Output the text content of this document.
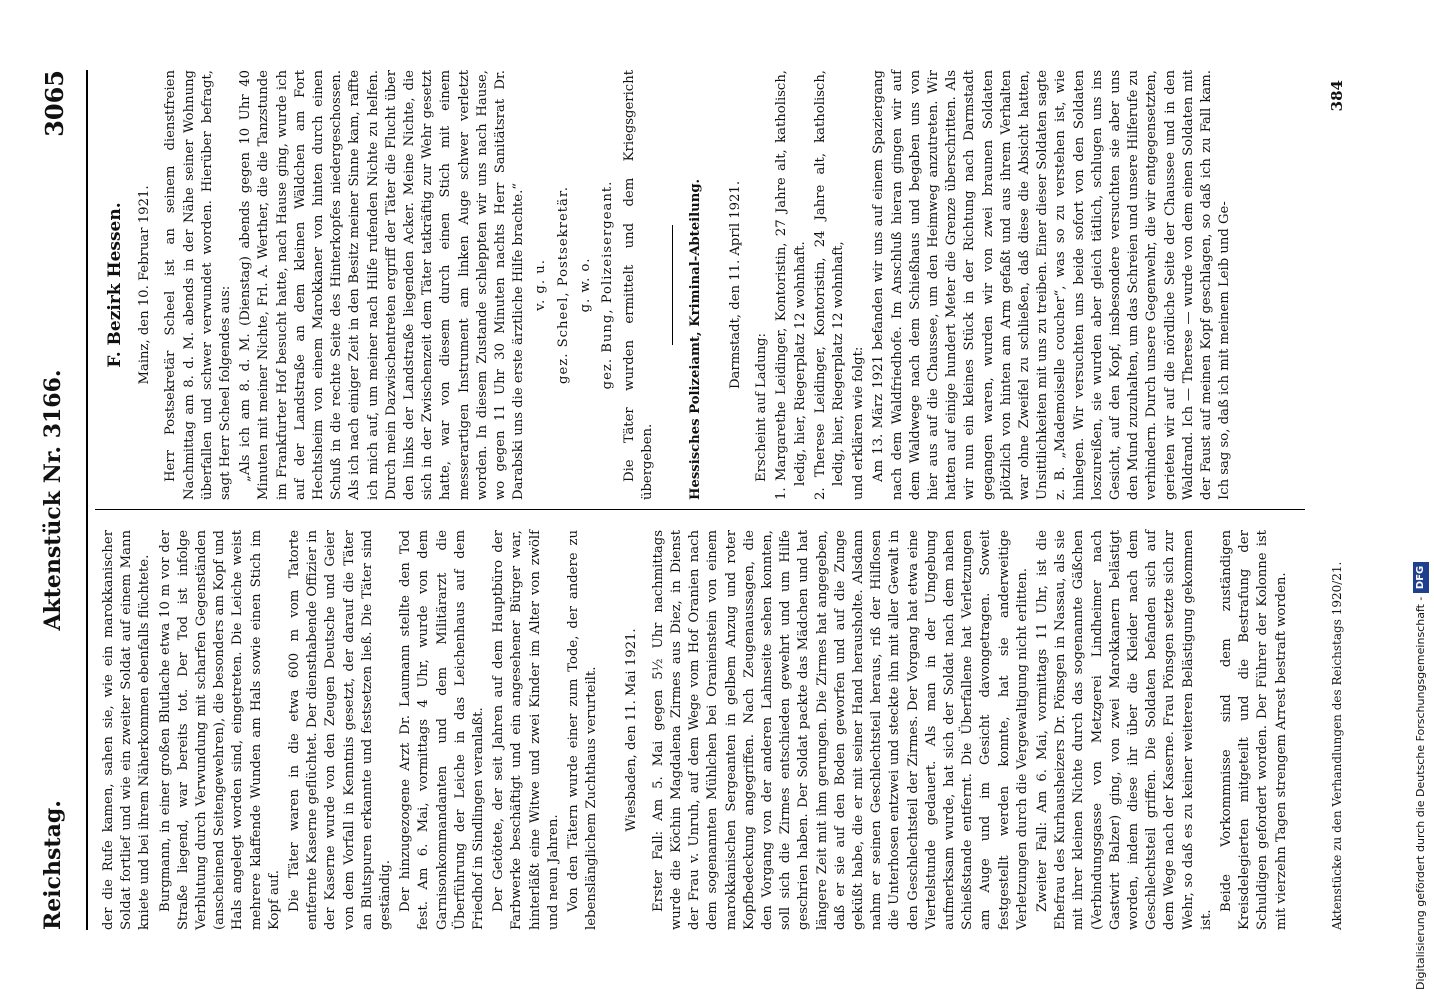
Reichstag.
Aktenstück Nr. 3166.
3065

der die Rufe kamen, sahen sie, wie ein marokkanischer Soldat fortlief und wie ein zweiter Soldat auf einem Mann kniete und bei ihrem Näherkommen ebenfalls flüchtete. Burgmann, in einer großen Blutlache etwa 10 m vor der Straße liegend, war bereits tot. Der Tod ist infolge Verblutung durch Verwundung mit scharfen Gegenständen (anscheinend Seitengewehren), die besonders am Kopf und Hals angelegt worden sind, eingetreten. Die Leiche weist mehrere klaffende Wunden am Hals sowie einen Stich im Kopf auf. Die Täter waren in die etwa 600 m vom Tatorte entfernte Kaserne geflüchtet. Der diensthabende Offizier in der Kaserne wurde von den Zeugen Deutsche und Geier von dem Vorfall in Kenntnis gesetzt, der darauf die Täter an Blutspuren erkannte und festsetzen ließ. Die Täter sind geständig. Der hinzugezogene Arzt Dr. Laumann stellte den Tod fest. Am 6. Mai, vormittags 4 Uhr, wurde von dem Garnisonkommandanten und dem Militärarzt die Überführung der Leiche in das Leichenhaus auf dem Friedhof in Sindlingen veranlaßt. Der Getötete, der seit Jahren auf dem Hauptbüro der Farbwerke beschäftigt und ein angesehener Bürger war, hinterläßt eine Witwe und zwei Kinder im Alter von zwölf und neun Jahren. Von den Tätern wurde einer zum Tode, der andere zu lebenslänglichem Zuchthaus verurteilt. Wiesbaden, den 11. Mai 1921. Erster Fall: Am 5. Mai gegen 5½ Uhr nachmittags wurde die Köchin Magdalena Zirmes aus Diez, in Dienst der Frau v. Unruh, auf dem Wege vom Hof Oranien nach dem sogenannten Mühlchen bei Oranienstein von einem marokkanischen Sergeanten in gelbem Anzug und roter Kopfbedeckung angegriffen. Nach Zeugenaussagen, die den Vorgang von der anderen Lahnseite sehen konnten, soll sich die Zirmes entschieden gewehrt und um Hilfe geschrien haben. Der Soldat packte das Mädchen und hat längere Zeit mit ihm gerungen. Die Zirmes hat angegeben, daß er sie auf den Boden geworfen und auf die Zunge geküßt habe, die er mit seiner Hand herausholte. Alsdann nahm er seinen Geschlechtsteil heraus, riß der Hilflosen die Unterhosen entzwei und steckte ihn mit aller Gewalt in den Geschlechtsteil der Zirmes. Der Vorgang hat etwa eine Viertelstunde gedauert. Als man in der Umgebung aufmerksam wurde, hat sich der Soldat nach dem nahen Schießstande entfernt. Die Überfallene hat Verletzungen am Auge und im Gesicht davongetragen. Soweit festgestellt werden konnte, hat sie anderweitige Verletzungen durch die Vergewaltigung nicht erlitten. Zweiter Fall: Am 6. Mai, vormittags 11 Uhr, ist die Ehefrau des Kurhausheizers Dr. Pönsgen in Nassau, als sie mit ihrer kleinen Nichte durch das sogenannte Gäßchen (Verbindungsgasse von Metzgerei Lindheimer nach Gastwirt Balzer) ging, von zwei Marokkanern belästigt worden, indem diese ihr über die Kleider nach dem Geschlechtsteil griffen. Die Soldaten befanden sich auf dem Wege nach der Kaserne. Frau Pönsgen setzte sich zur Wehr, so daß es zu keiner weiteren Belästigung gekommen ist.

Beide Vorkommnisse sind dem zuständigen Kreisdelegierten mitgeteilt und die Bestrafung der Schuldigen gefordert worden. Der Führer der Kolonne ist mit vierzehn Tagen strengem Arrest bestraft worden.

F. Bezirk Hessen. Mainz, den 10. Februar 1921. Herr Postsekretär Scheel ist an seinem dienstfreien Nachmittag am 8. d. M. abends in der Nähe seiner Wohnung überfallen und schwer verwundet worden. Hierüber befragt, sagt Herr Scheel folgendes aus: „Als ich am 8. d. M. (Dienstag) abends gegen 10 Uhr 40 Minuten mit meiner Nichte, Frl. A. Werther, die die Tanzstunde im Frankfurter Hof besucht hatte, nach Hause ging, wurde ich auf der Landstraße an dem kleinen Wäldchen am Fort Hechtsheim von einem Marokkaner von hinten durch einen Schuß in die rechte Seite des Hinterkopfes niedergeschossen. Als ich nach einiger Zeit in den Besitz meiner Sinne kam, raffte ich mich auf, um meiner nach Hilfe rufenden Nichte zu helfen. Durch mein Dazwischentreten ergriff der Täter die Flucht über den links der Landstraße liegenden Acker. Meine Nichte, die sich in der Zwischenzeit dem Täter tatkräftig zur Wehr gesetzt hatte, war von diesem durch einen Stich mit einem messerartigen Instrument am linken Auge schwer verletzt worden. In diesem Zustande schleppten wir uns nach Hause, wo gegen 11 Uhr 30 Minuten nachts Herr Sanitätsrat Dr. Darabski uns die erste ärztliche Hilfe brachte.“ v. g. u. gez. Scheel, Postsekretär. g. w. o. gez. Bung, Polizeisergeant. Die Täter wurden ermittelt und dem Kriegsgericht übergeben. Hessisches Polizeiamt, Kriminal-Abteilung. Darmstadt, den 11. April 1921.

Erscheint auf Ladung: 1. Margarethe Leidinger, Kontoristin, 27 Jahre alt, katholisch, ledig, hier, Riegerplatz 12 wohnhaft. 2. Therese Leidinger, Kontoristin, 24 Jahre alt, katholisch, ledig, hier, Riegerplatz 12 wohnhaft, und erklären wie folgt: Am 13. März 1921 befanden wir uns auf einem Spaziergang nach dem Waldfriedhofe. Im Anschluß hieran gingen wir auf dem Waldwege nach dem Schießhaus und begaben uns von hier aus auf die Chaussee, um den Heimweg anzutreten. Wir hatten auf einige hundert Meter die Grenze überschritten. Als wir nun ein kleines Stück in der Richtung nach Darmstadt gegangen waren, wurden wir von zwei braunen Soldaten plötzlich von hinten am Arm gefaßt und aus ihrem Verhalten war ohne Zweifel zu schließen, daß diese die Absicht hatten, Unsittlichkeiten mit uns zu treiben. Einer dieser Soldaten sagte z. B. „Mademoiselle coucher“, was so zu verstehen ist, wie hinlegen. Wir versuchten uns beide sofort von den Soldaten loszureißen, sie wurden aber gleich tätlich, schlugen uns ins Gesicht, auf den Kopf, insbesondere versuchten sie aber uns den Mund zuzuhalten, um das Schreien und unsere Hilferufe zu verhindern. Durch unsere Gegenwehr, die wir entgegensetzten, gerieten wir auf die nördliche Seite der Chaussee und in den Waldrand. Ich — Therese — wurde von dem einen Soldaten mit der Faust auf meinen Kopf geschlagen, so daß ich zu Fall kam. Ich sag so, daß ich mit meinem Leib und Ge-

Aktenstücke zu den Verhandlungen des Reichstags 1920/21.
384
Digitalisierung gefördert durch die Deutsche Forschungsgemeinschaft - DFG
